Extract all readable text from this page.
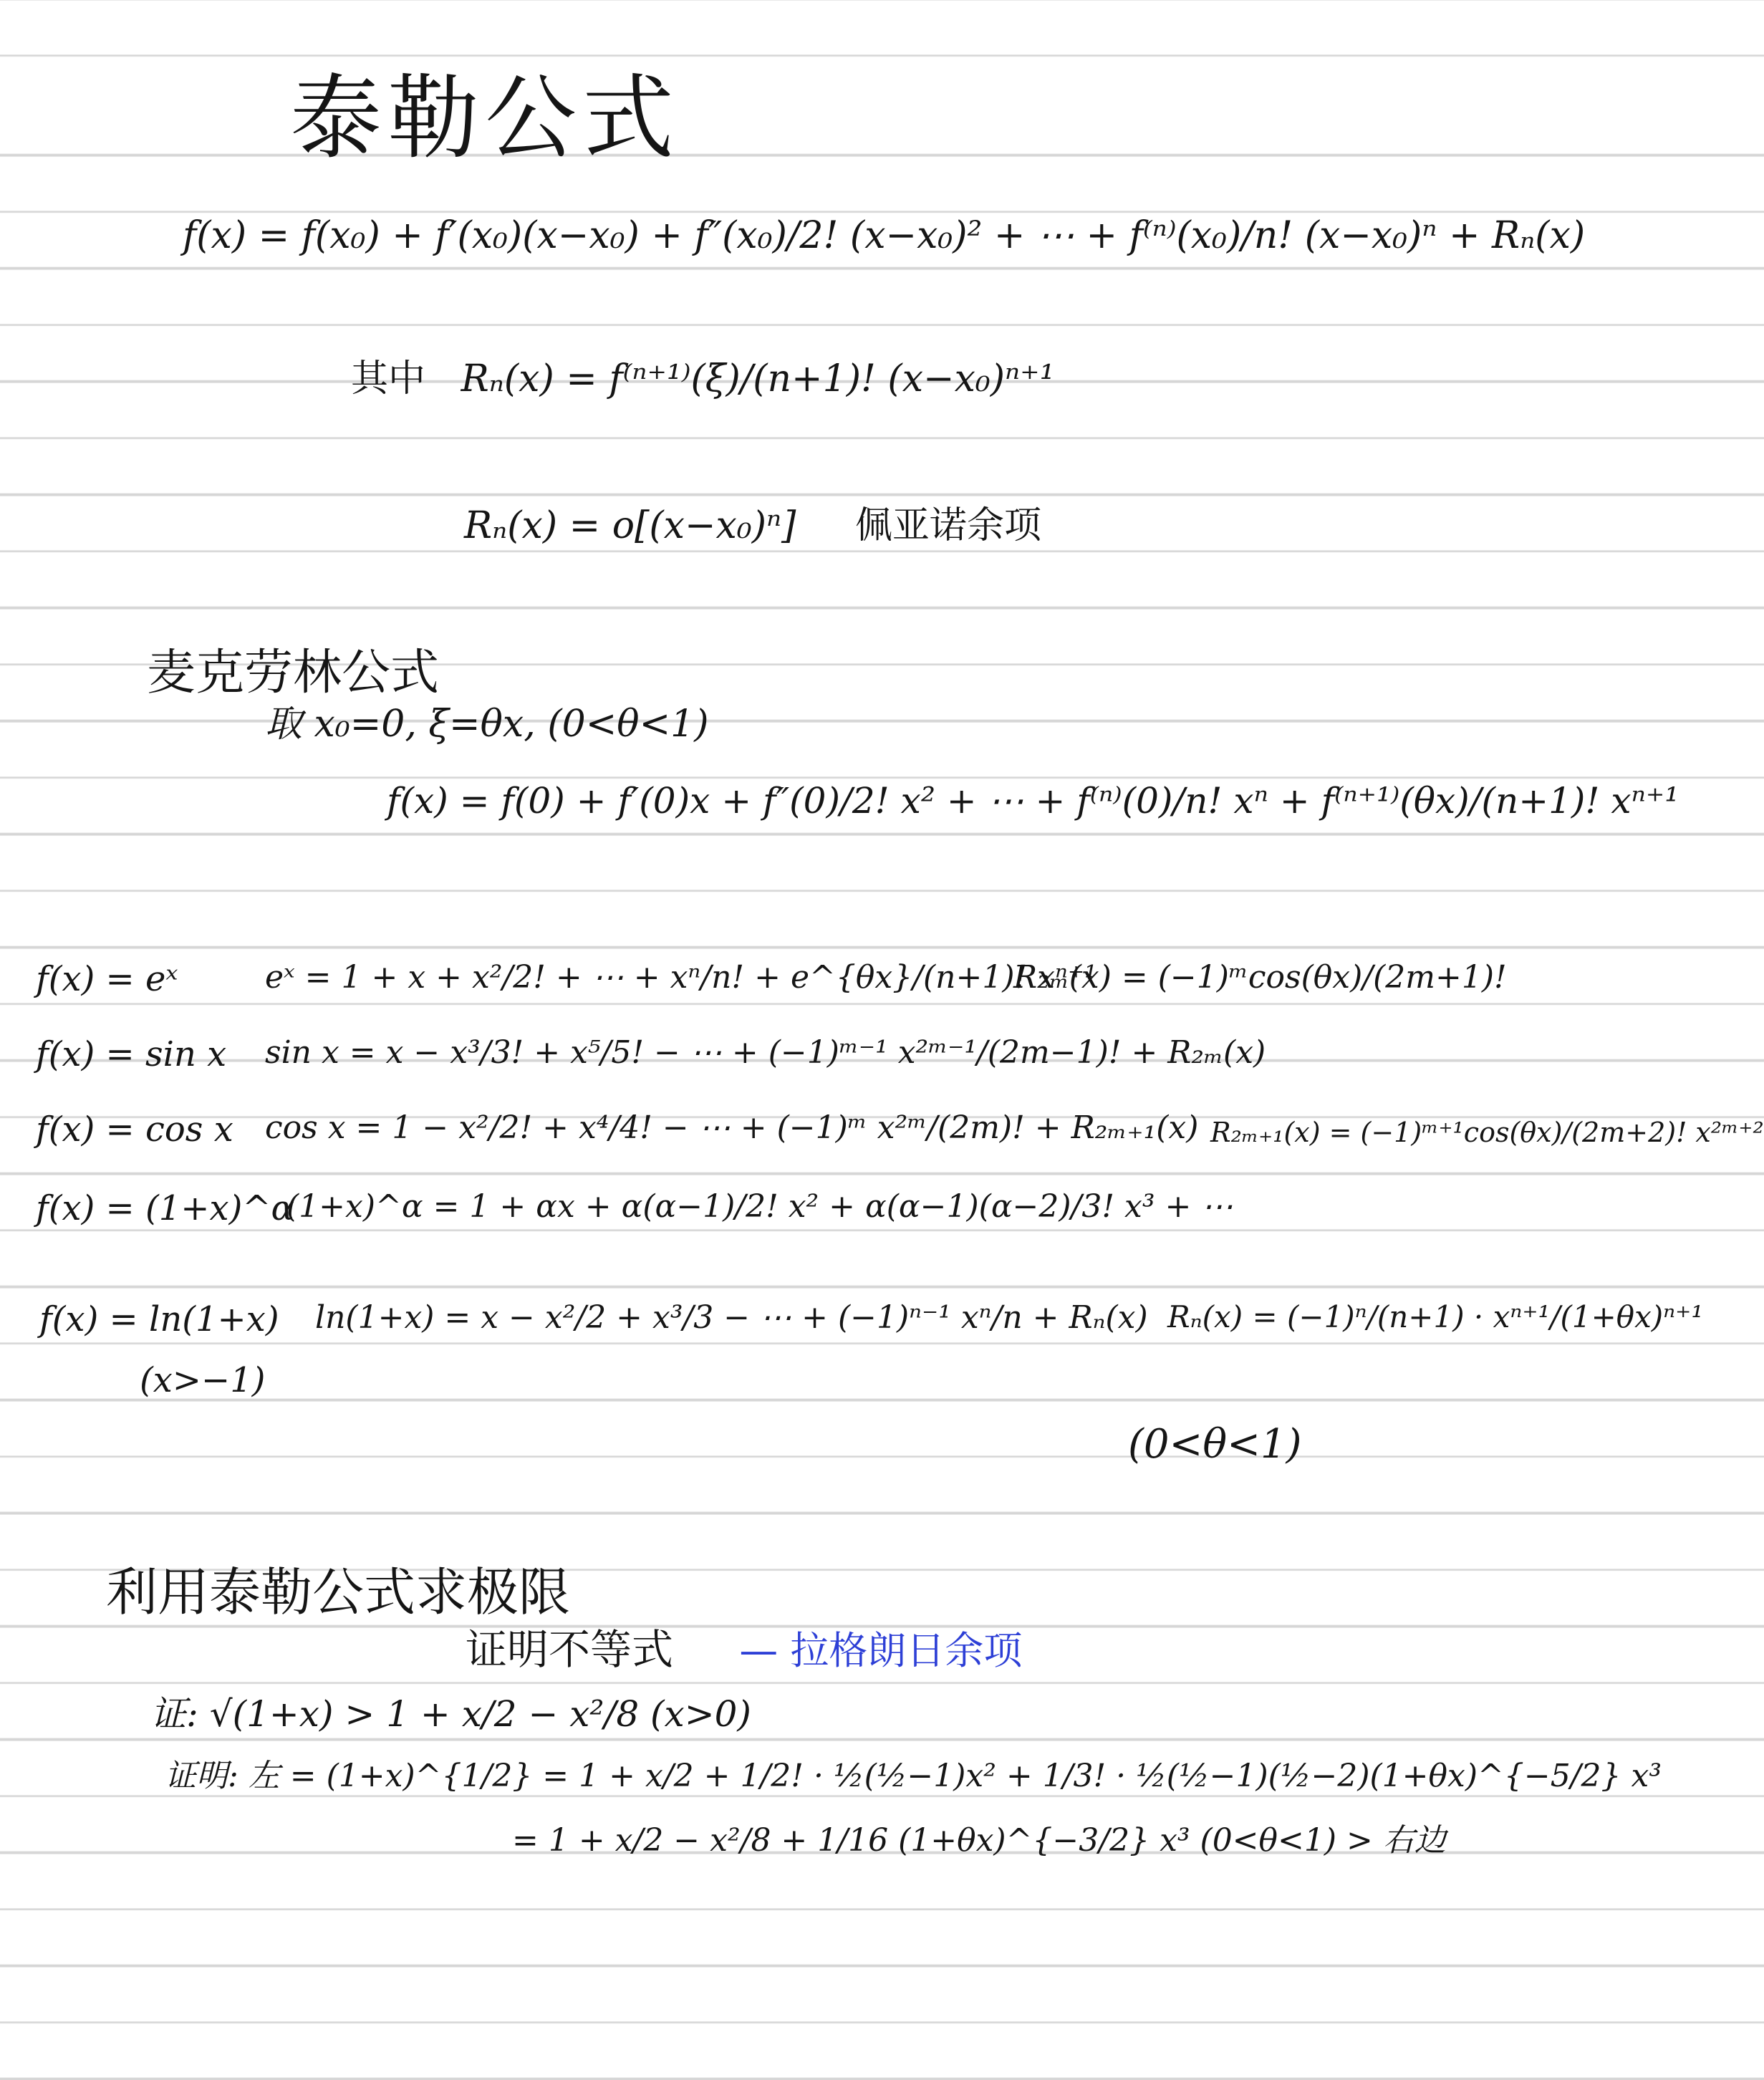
泰勒公式
f(x) = f(x₀) + f′(x₀)(x−x₀) + f″(x₀)/2! (x−x₀)² + ⋯ + f⁽ⁿ⁾(x₀)/n! (x−x₀)ⁿ + Rₙ(x)
其中 Rₙ(x) = f⁽ⁿ⁺¹⁾(ξ)/(n+1)! (x−x₀)ⁿ⁺¹
Rₙ(x) = o[(x−x₀)ⁿ] 佩亚诺余项
麦克劳林公式
取 x₀=0, ξ=θx, (0<θ<1)
f(x) = f(0) + f′(0)x + f″(0)/2! x² + ⋯ + f⁽ⁿ⁾(0)/n! xⁿ + f⁽ⁿ⁺¹⁾(θx)/(n+1)! xⁿ⁺¹
f(x) = eˣ	eˣ = 1 + x + x²/2! + ⋯ + xⁿ/n! + e^{θx}/(n+1)! xⁿ⁺¹
R₂ₘ(x) = (−1)ᵐcos(θx)/(2m+1)!
f(x) = sin x sin x = x − x³/3! + x⁵/5! − ⋯ + (−1)ᵐ⁻¹ x²ᵐ⁻¹/(2m−1)! + R₂ₘ(x)
f(x) = cos x cos x = 1 − x²/2! + x⁴/4! − ⋯ + (−1)ᵐ x²ᵐ/(2m)! + R₂ₘ₊₁(x) R₂ₘ₊₁(x) = (−1)ᵐ⁺¹cos(θx)/(2m+2)! x²ᵐ⁺²
f(x) = (1+x)^α
(1+x)^α = 1 + αx + α(α−1)/2! x² + α(α−1)(α−2)/3! x³ + ⋯
f(x) = ln(1+x) ln(1+x) = x − x²/2 + x³/3 − ⋯ + (−1)ⁿ⁻¹ xⁿ/n + Rₙ(x) Rₙ(x) = (−1)ⁿ/(n+1) · xⁿ⁺¹/(1+θx)ⁿ⁺¹
(x>−1)
(0<θ<1)
利用泰勒公式求极限
证明不等式 — 拉格朗日余项
证: √(1+x) > 1 + x/2 − x²/8 (x>0)
证明: 左 = (1+x)^{1/2} = 1 + x/2 + 1/2! · ½(½−1)x² + 1/3! · ½(½−1)(½−2)(1+θx)^{−5/2} x³
= 1 + x/2 − x²/8 + 1/16 (1+θx)^{−3/2} x³ (0<θ<1) > 右边
